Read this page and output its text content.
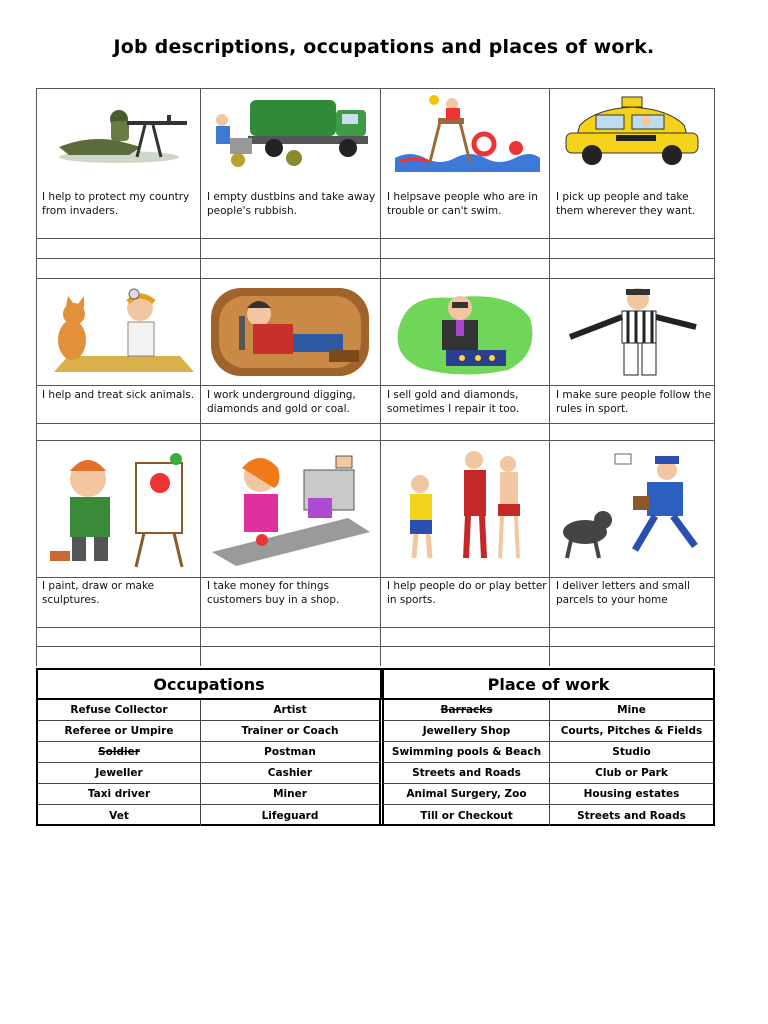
Job descriptions, occupations and places of work.
I help to protect my country from invaders.
I empty dustbins and take away people's rubbish.
I helpsave people who are in trouble or can't swim.
I pick up people and take them wherever they want.
I help and treat sick animals.	I work underground digging, diamonds and gold or coal.
I sell gold and diamonds, sometimes I repair it too.
I make sure people follow the rules in sport.
I paint, draw or make sculptures.
I take money for things customers buy in a shop.
I help people do or play better in sports.
I deliver letters and small parcels to your home
Occupations	Place of work
Refuse Collector
Referee or Umpire
Soldier
Jeweller
Taxi driver
Vet
Artist
Trainer or Coach
Postman
Cashier
Miner
Lifeguard
Barracks
Jewellery Shop
Swimming pools & Beach
Streets and Roads
Animal Surgery, Zoo
Till or Checkout
Mine
Courts, Pitches & Fields
Studio
Club or Park
Housing estates
Streets and Roads
